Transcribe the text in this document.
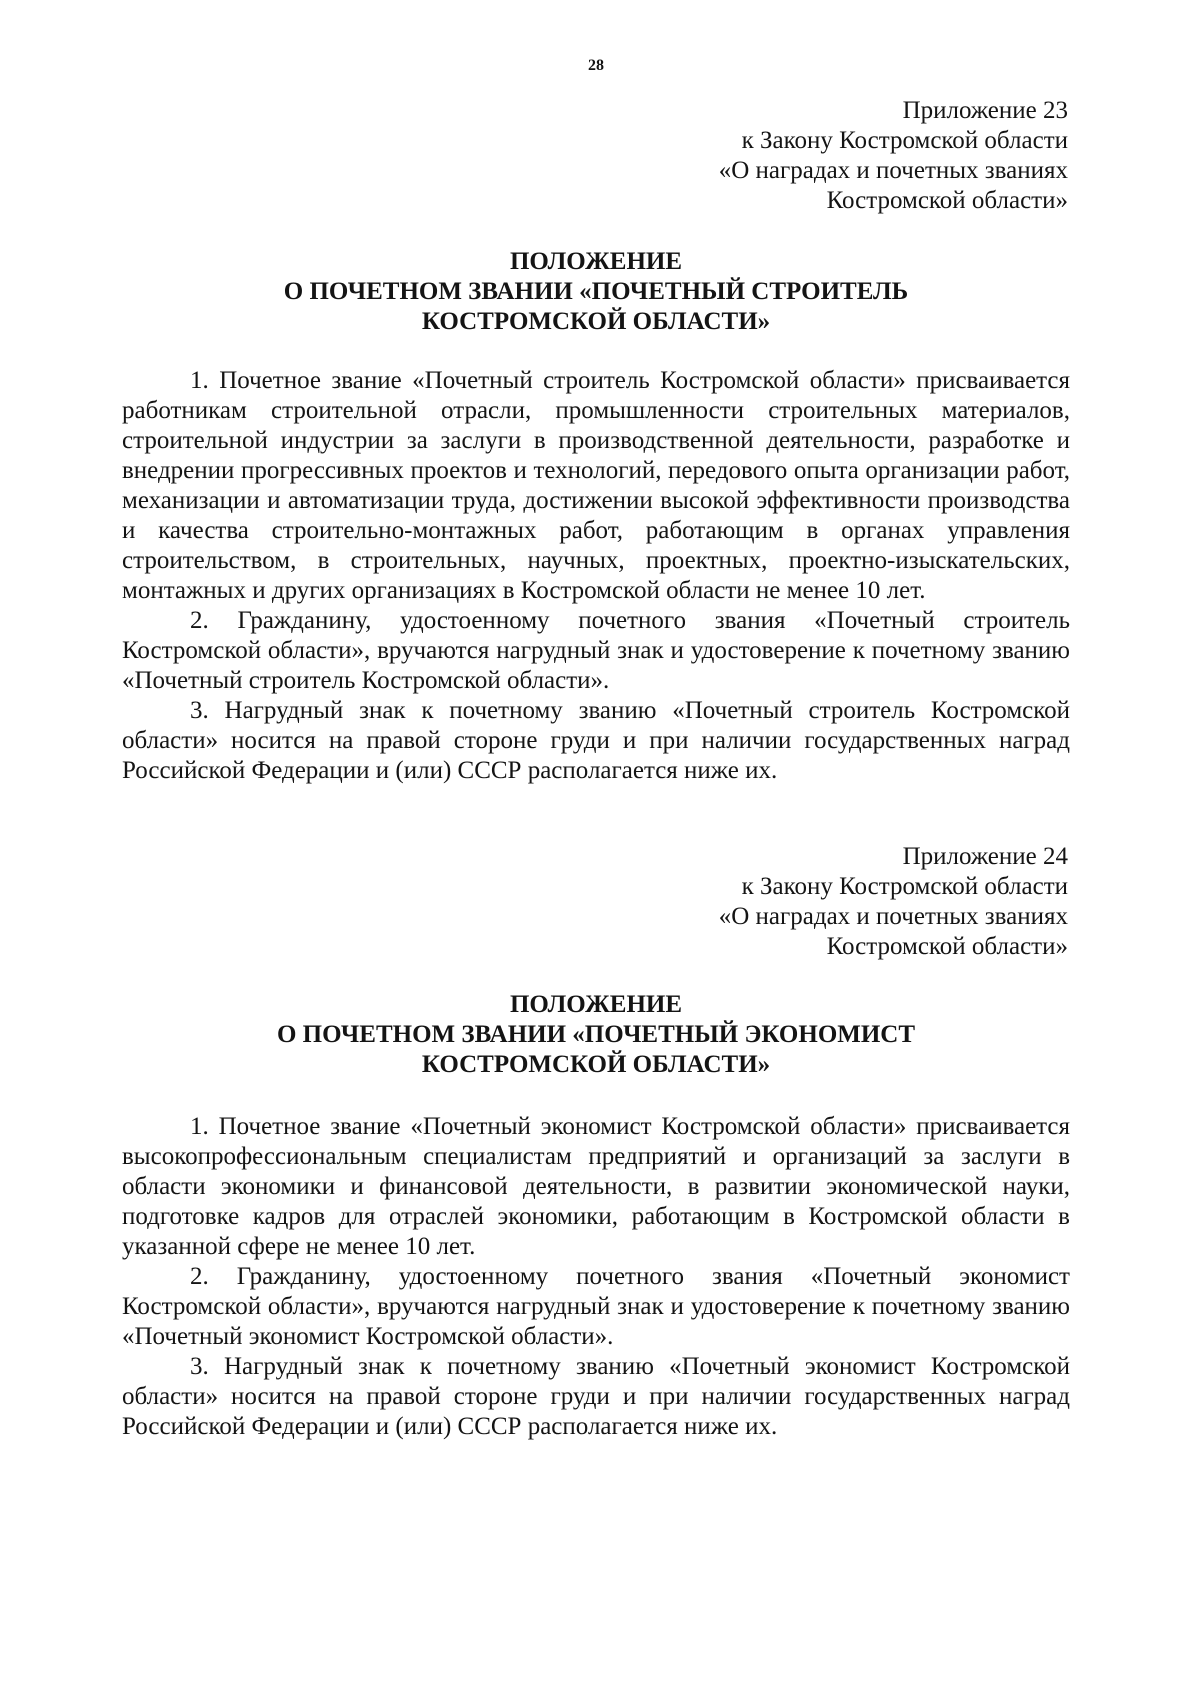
28
Приложение 23
к Закону Костромской области
«О наградах и почетных званиях
Костромской области»
ПОЛОЖЕНИЕ
О ПОЧЕТНОМ ЗВАНИИ «ПОЧЕТНЫЙ СТРОИТЕЛЬ
КОСТРОМСКОЙ ОБЛАСТИ»

1. Почетное звание «Почетный строитель Костромской области» присваивается работникам строительной отрасли, промышленности строительных материалов, строительной индустрии за заслуги в производственной деятельности, разработке и внедрении прогрессивных проектов и технологий, передового опыта организации работ, механизации и автоматизации труда, достижении высокой эффективности производства и качества строительно-монтажных работ, работающим в органах управления строительством, в строительных, научных, проектных, проектно-изыскательских, монтажных и других организациях в Костромской области не менее 10 лет.

2. Гражданину, удостоенному почетного звания «Почетный строитель Костромской области», вручаются нагрудный знак и удостоверение к почетному званию «Почетный строитель Костромской области».

3. Нагрудный знак к почетному званию «Почетный строитель Костромской области» носится на правой стороне груди и при наличии государственных наград Российской Федерации и (или) СССР располагается ниже их.

Приложение 24
к Закону Костромской области
«О наградах и почетных званиях
Костромской области»
ПОЛОЖЕНИЕ
О ПОЧЕТНОМ ЗВАНИИ «ПОЧЕТНЫЙ ЭКОНОМИСТ
КОСТРОМСКОЙ ОБЛАСТИ»

1. Почетное звание «Почетный экономист Костромской области» присваивается высокопрофессиональным специалистам предприятий и организаций за заслуги в области экономики и финансовой деятельности, в развитии экономической науки, подготовке кадров для отраслей экономики, работающим в Костромской области в указанной сфере не менее 10 лет.

2. Гражданину, удостоенному почетного звания «Почетный экономист Костромской области», вручаются нагрудный знак и удостоверение к почетному званию «Почетный экономист Костромской области».

3. Нагрудный знак к почетному званию «Почетный экономист Костромской области» носится на правой стороне груди и при наличии государственных наград Российской Федерации и (или) СССР располагается ниже их.
